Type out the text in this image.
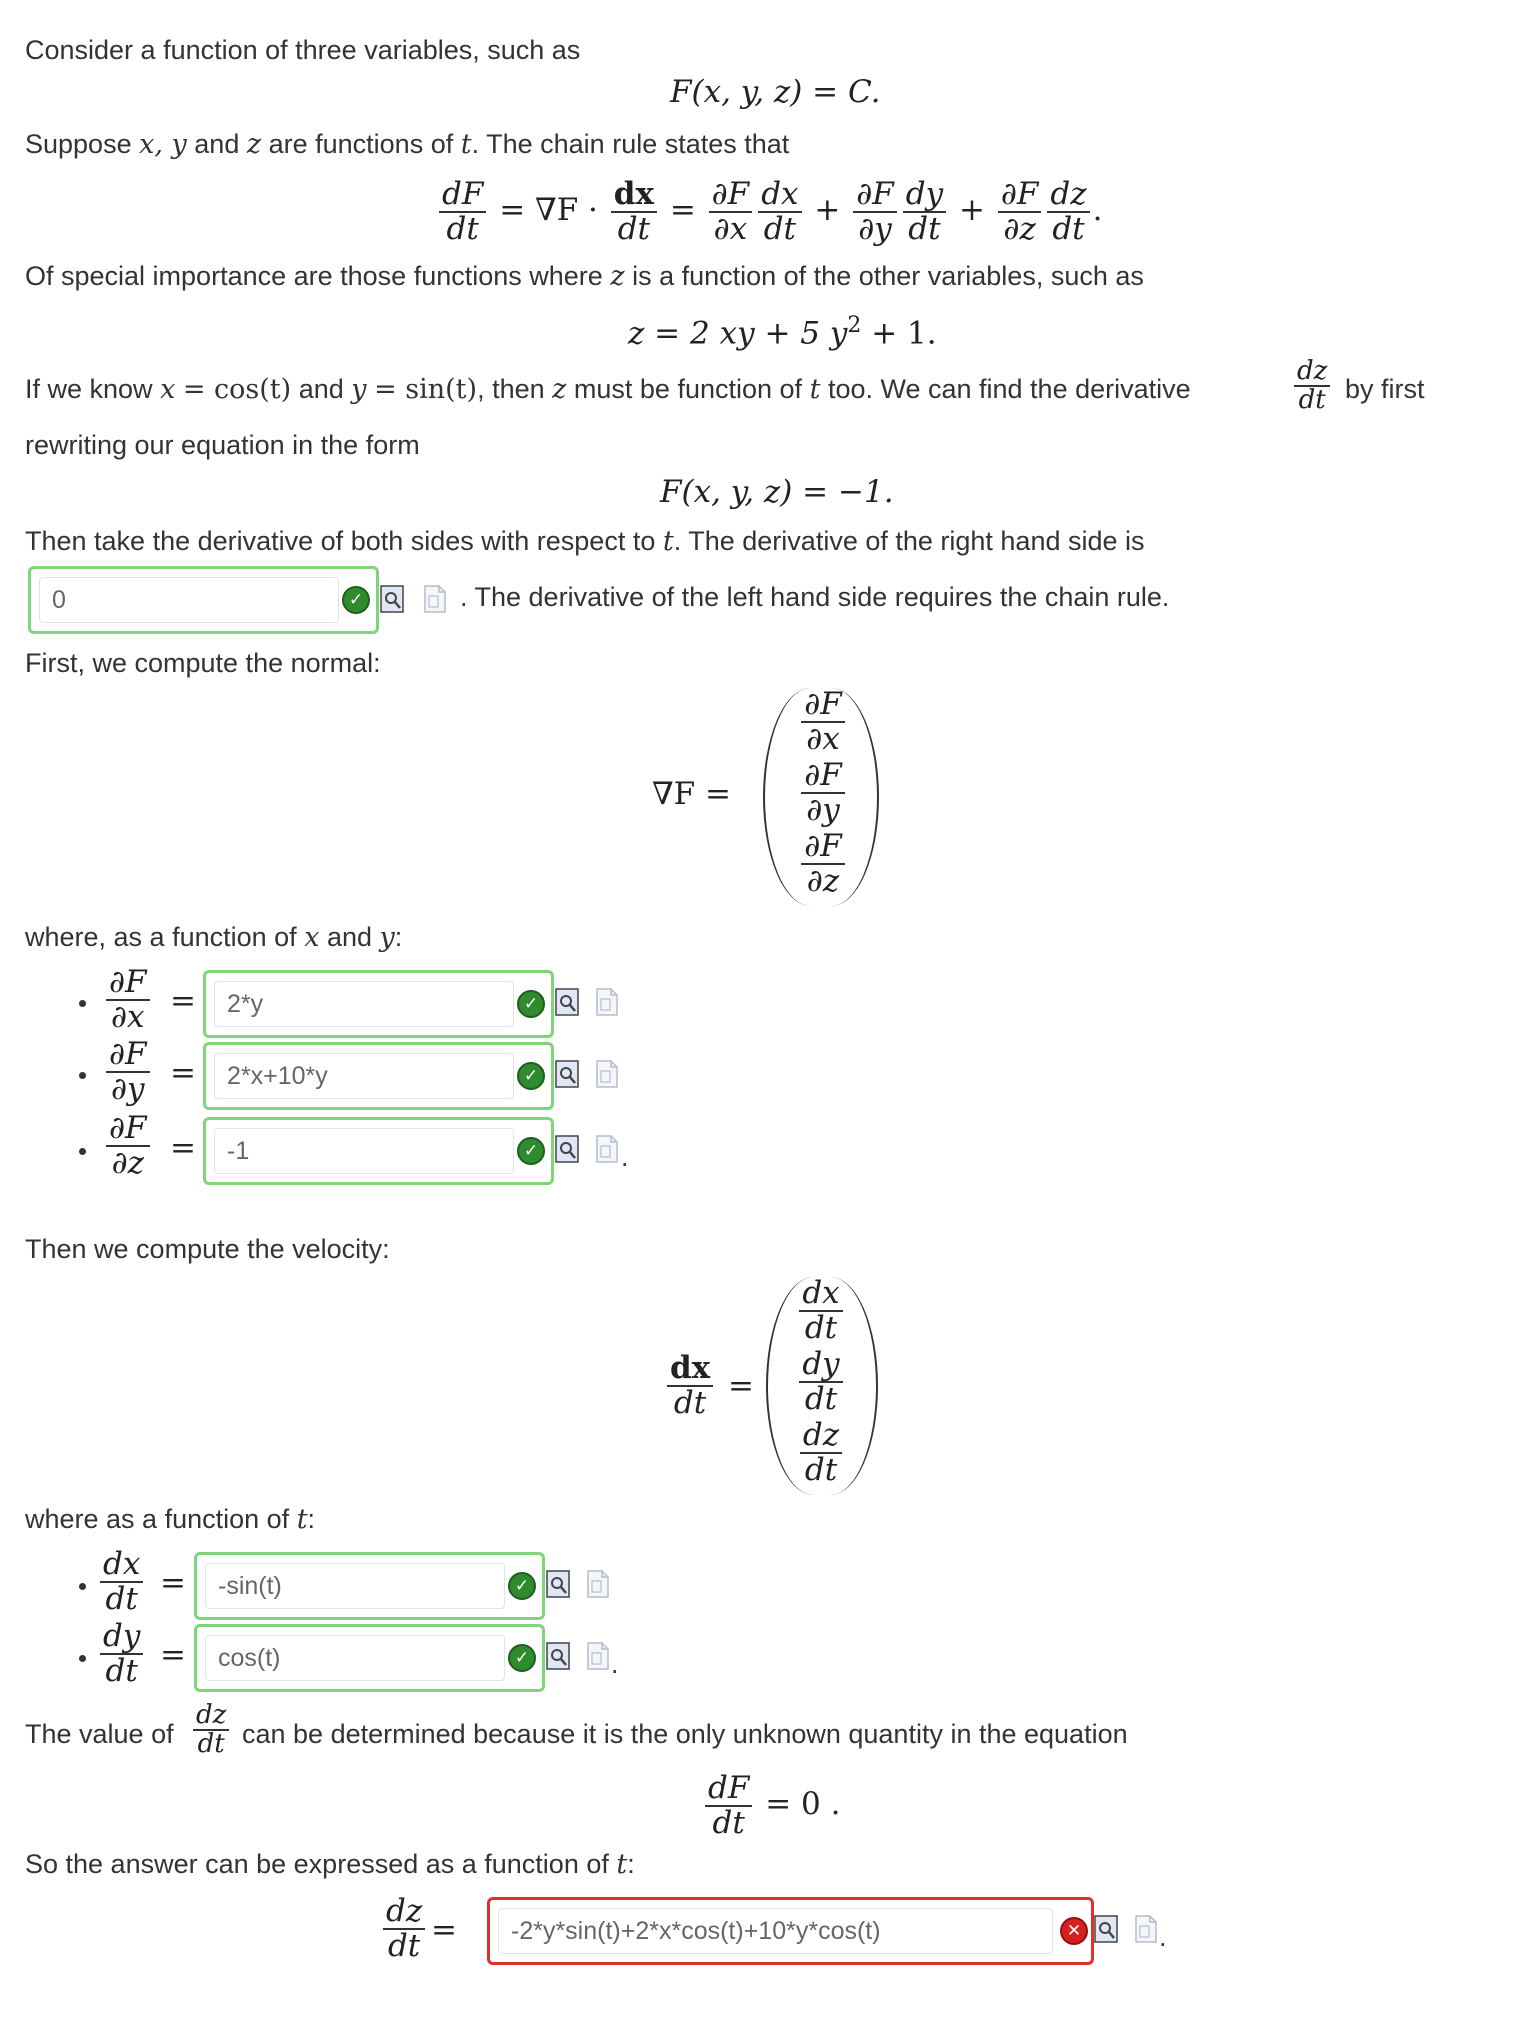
Consider a function of three variables, such as
F(x, y, z) = C.
Suppose x, y and z are functions of t. The chain rule states that
$\frac{dF}{dt} = \nabla F \cdot \frac{dx}{dt} = \frac{\partial F}{\partial x} \frac{dx}{dt} + \frac{\partial F}{\partial y} \frac{dy}{dt} + \frac{\partial F}{\partial z} \frac{dz}{dt}$ .
Of special importance are those functions where z is a function of the other variables, such as
z = 2 xy + 5 $y^2 + 1$.
If we know x = cos(t) and y = sin(t), then z must be function of t too. We can find the derivative	$\frac{dz}{dt}$ by first
rewriting our equation in the form
F(x, y, z) = −1.
Then take the derivative of both sides with respect to t. The derivative of the right hand side is
0
✓	. The derivative of the left hand side requires the chain rule.
First, we compute the normal:
∇F =
$\frac{\partial F}{\partial x}$
$\frac{\partial F}{\partial y}$
$\frac{\partial F}{\partial z}$
where, as a function of x and y:
$\frac{\partial F}{\partial x}$ =
2*y	✓
$\frac{\partial F}{\partial y}$ =
2*x+10*y	✓
$\frac{\partial F}{\partial z}$ =
-1	✓	.
Then we compute the velocity:
$\frac{dx}{dt}$ =
$\frac{dx}{dt}$
$\frac{dy}{dt}$
$\frac{dz}{dt}$
where as a function of t:
$\frac{dx}{dt}$ =
-sin(t)	✓
$\frac{dy}{dt}$ =
cos(t)	✓	.
The value of $\frac{dz}{dt}$ can be determined because it is the only unknown quantity in the equation
$\frac{dF}{dt} = 0$ .
So the answer can be expressed as a function of t:
$\frac{dz}{dt}$ =
-2*y*sin(t)+2*x*cos(t)+10*y*cos(t)	✕	.
